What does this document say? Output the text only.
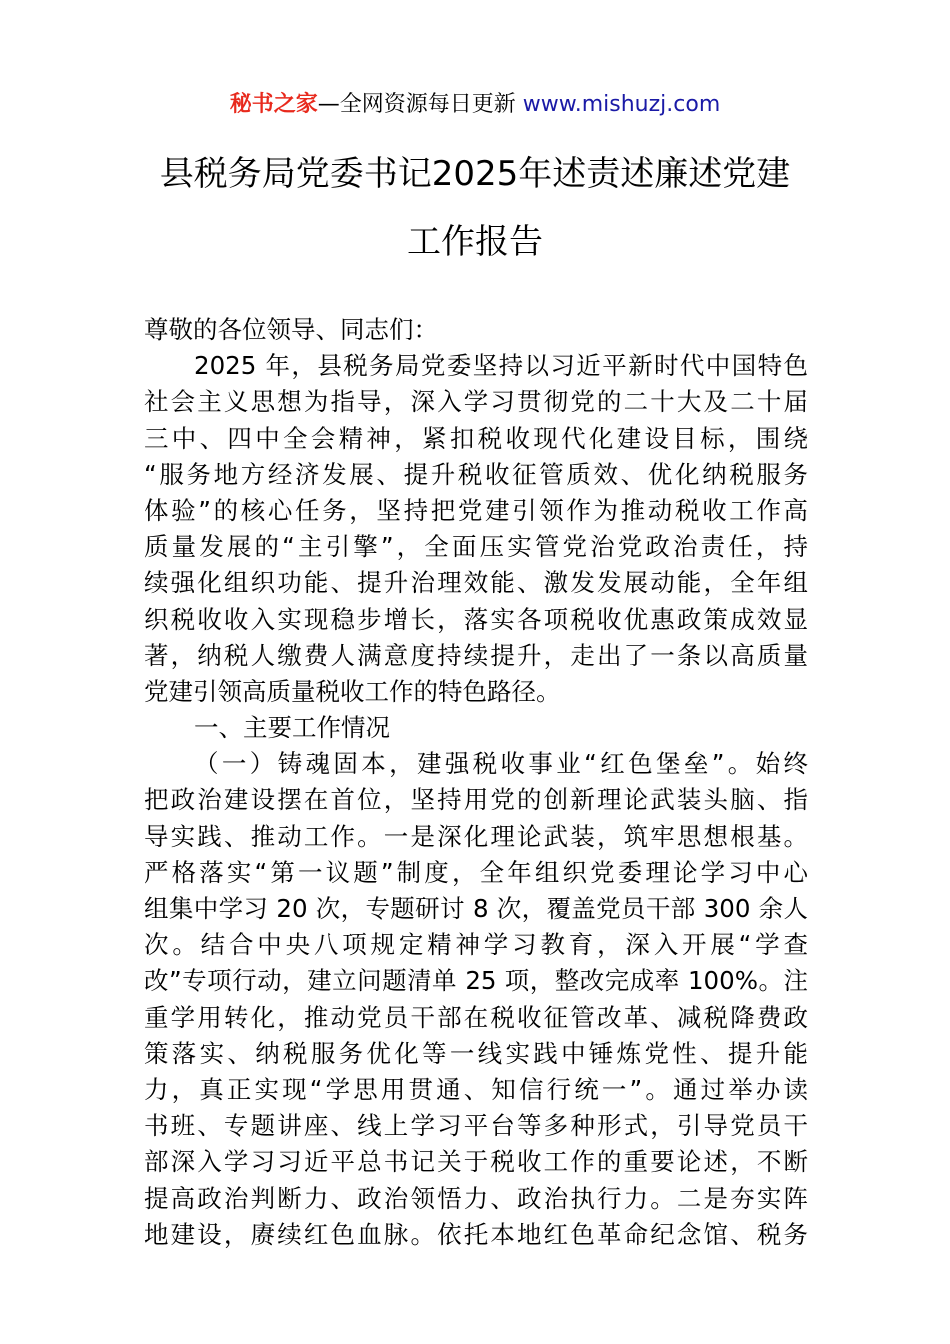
秘书之家—全网资源每日更新 www.mishuzj.com
县税务局党委书记2025年述责述廉述党建
工作报告
尊敬的各位领导、同志们：
2025 年，县税务局党委坚持以习近平新时代中国特色
社会主义思想为指导，深入学习贯彻党的二十大及二十届
三中、四中全会精神，紧扣税收现代化建设目标，围绕
“服务地方经济发展、提升税收征管质效、优化纳税服务
体验”的核心任务，坚持把党建引领作为推动税收工作高
质量发展的“主引擎”，全面压实管党治党政治责任，持
续强化组织功能、提升治理效能、激发发展动能，全年组
织税收收入实现稳步增长，落实各项税收优惠政策成效显
著，纳税人缴费人满意度持续提升，走出了一条以高质量
党建引领高质量税收工作的特色路径。
一、主要工作情况
（一）铸魂固本，建强税收事业“红色堡垒”。始终
把政治建设摆在首位，坚持用党的创新理论武装头脑、指
导实践、推动工作。一是深化理论武装，筑牢思想根基。
严格落实“第一议题”制度，全年组织党委理论学习中心
组集中学习 20 次，专题研讨 8 次，覆盖党员干部 300 余人
次。结合中央八项规定精神学习教育，深入开展“学查
改”专项行动，建立问题清单 25 项，整改完成率 100%。注
重学用转化，推动党员干部在税收征管改革、减税降费政
策落实、纳税服务优化等一线实践中锤炼党性、提升能
力，真正实现“学思用贯通、知信行统一”。通过举办读
书班、专题讲座、线上学习平台等多种形式，引导党员干
部深入学习习近平总书记关于税收工作的重要论述，不断
提高政治判断力、政治领悟力、政治执行力。二是夯实阵
地建设，赓续红色血脉。依托本地红色革命纪念馆、税务
